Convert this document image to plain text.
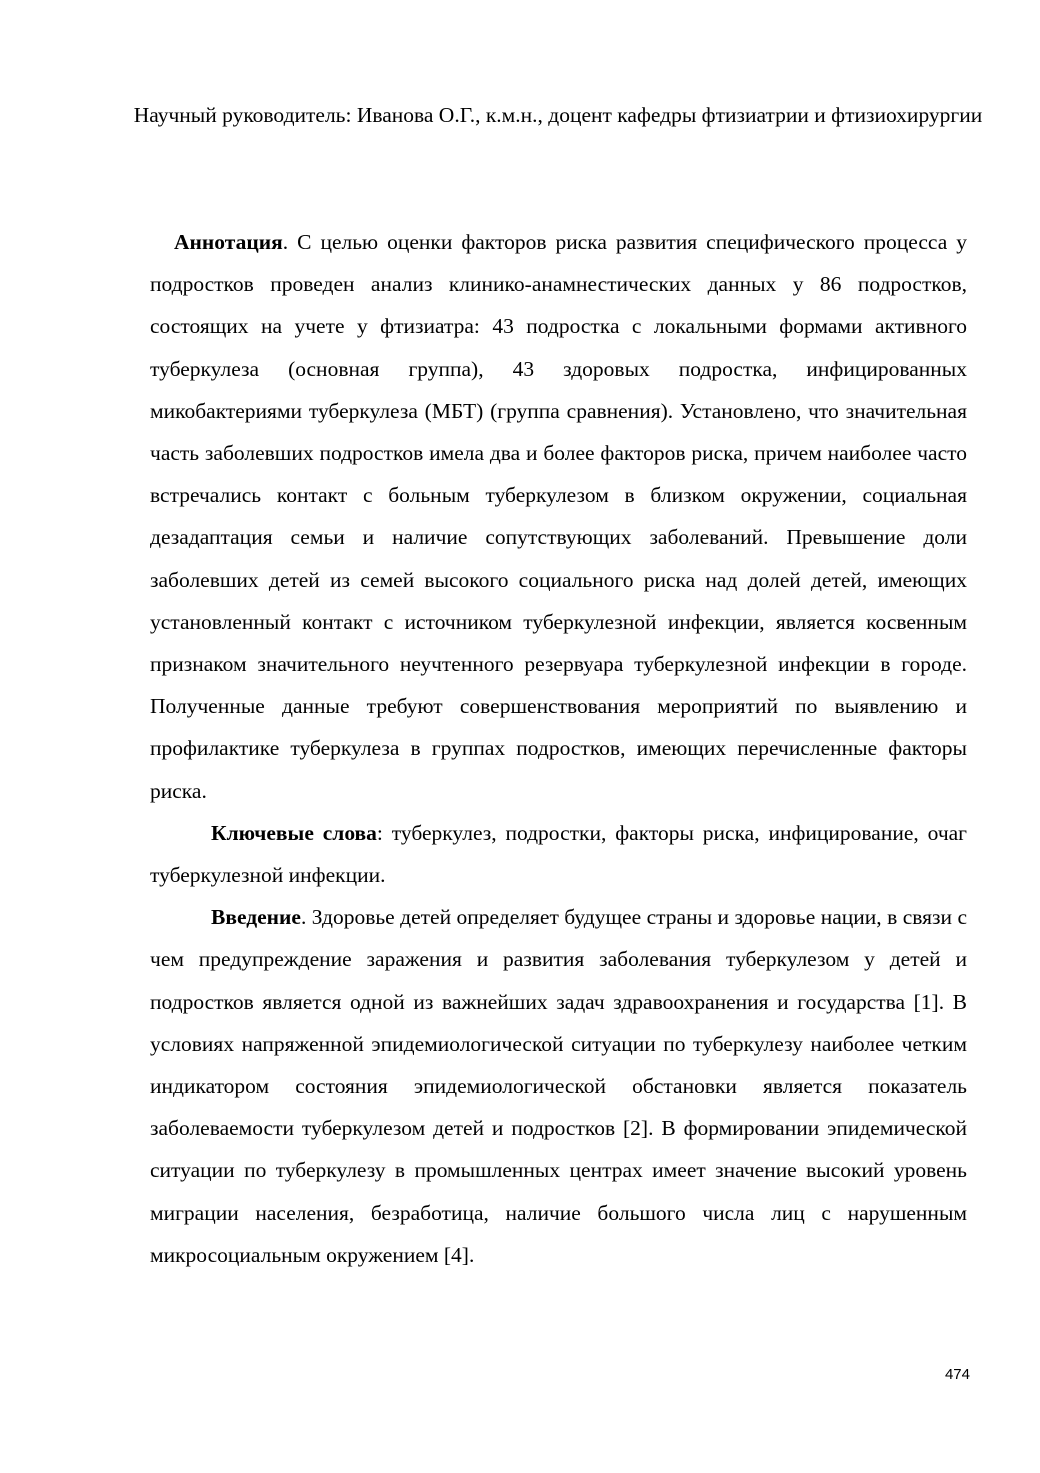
Научный руководитель: Иванова О.Г., к.м.н., доцент кафедры фтизиатрии и фтизиохирургии

Аннотация. С целью оценки факторов риска развития специфического процесса у подростков проведен анализ клинико-анамнестических данных у 86 подростков, состоящих на учете у фтизиатра: 43 подростка с локальными формами активного туберкулеза (основная группа), 43 здоровых подростка, инфицированных микобактериями туберкулеза (МБТ) (группа сравнения). Установлено, что значительная часть заболевших подростков имела два и более факторов риска, причем наиболее часто встречались контакт с больным туберкулезом в близком окружении, социальная дезадаптация семьи и наличие сопутствующих заболеваний. Превышение доли заболевших детей из семей высокого социального риска над долей детей, имеющих установленный контакт с источником туберкулезной инфекции, является косвенным признаком значительного неучтенного резервуара туберкулезной инфекции в городе. Полученные данные требуют совершенствования мероприятий по выявлению и профилактике туберкулеза в группах подростков, имеющих перечисленные факторы риска.

Ключевые слова: туберкулез, подростки, факторы риска, инфицирование, очаг туберкулезной инфекции.

Введение. Здоровье детей определяет будущее страны и здоровье нации, в связи с чем предупреждение заражения и развития заболевания туберкулезом у детей и подростков является одной из важнейших задач здравоохранения и государства [1]. В условиях напряженной эпидемиологической ситуации по туберкулезу наиболее четким индикатором состояния эпидемиологической обстановки является показатель заболеваемости туберкулезом детей и подростков [2]. В формировании эпидемической ситуации по туберкулезу в промышленных центрах имеет значение высокий уровень миграции населения, безработица, наличие большого числа лиц с нарушенным микросоциальным окружением [4].

474
